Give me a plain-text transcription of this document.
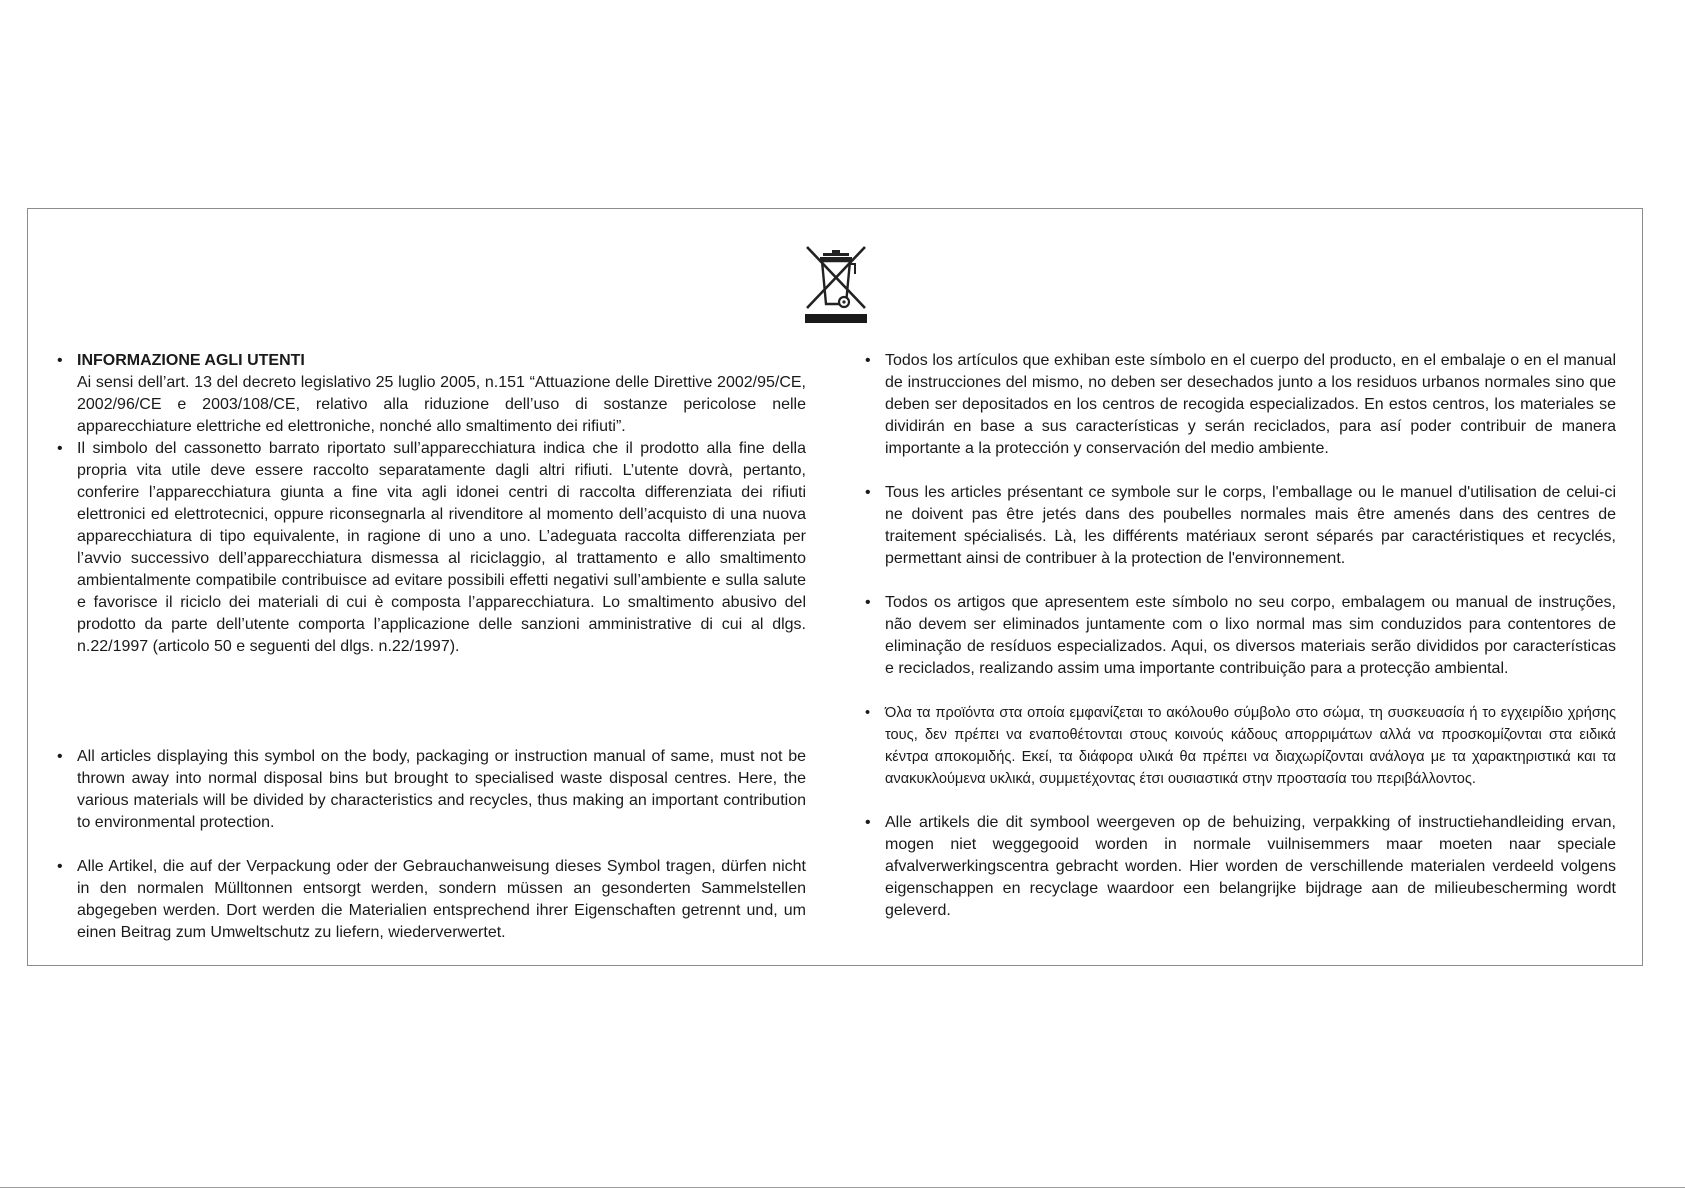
• INFORMAZIONE AGLI UTENTI

Ai sensi dell’art. 13 del decreto legislativo 25 luglio 2005, n.151 “Attuazione delle Direttive 2002/95/CE, 2002/96/CE e 2003/108/CE, relativo alla riduzione dell’uso di sostanze pericolose nelle apparecchiature elettriche ed elettroniche, nonché allo smaltimento dei rifiuti”.

• Il simbolo del cassonetto barrato riportato sull’apparecchiatura indica che il prodotto alla fine della propria vita utile deve essere raccolto separatamente dagli altri rifiuti. L’utente dovrà, pertanto, conferire l’apparecchiatura giunta a fine vita agli idonei centri di raccolta differenziata dei rifiuti elettronici ed elettrotecnici, oppure riconsegnarla al rivenditore al momento dell’acquisto di una nuova apparecchiatura di tipo equivalente, in ragione di uno a uno. L’adeguata raccolta differenziata per l’avvio successivo dell’apparecchiatura dismessa al riciclaggio, al trattamento e allo smaltimento ambientalmente compatibile contribuisce ad evitare possibili effetti negativi sull’ambiente e sulla salute e favorisce il riciclo dei materiali di cui è composta l’apparecchiatura. Lo smaltimento abusivo del prodotto da parte dell’utente comporta l’applicazione delle sanzioni amministrative di cui al dlgs. n.22/1997 (articolo 50 e seguenti del dlgs. n.22/1997).

• All articles displaying this symbol on the body, packaging or instruction manual of same, must not be thrown away into normal disposal bins but brought to specialised waste disposal centres. Here, the various materials will be divided by characteristics and recycles, thus making an important contribution to environmental protection.

• Alle Artikel, die auf der Verpackung oder der Gebrauchanweisung dieses Symbol tragen, dürfen nicht in den normalen Mülltonnen entsorgt werden, sondern müssen an gesonderten Sammelstellen abgegeben werden. Dort werden die Materialien entsprechend ihrer Eigenschaften getrennt und, um einen Beitrag zum Umweltschutz zu liefern, wiederverwertet.

• Todos los artículos que exhiban este símbolo en el cuerpo del producto, en el embalaje o en el manual de instrucciones del mismo, no deben ser desechados junto a los residuos urbanos normales sino que deben ser depositados en los centros de recogida especializados. En estos centros, los materiales se dividirán en base a sus características y serán reciclados, para así poder contribuir de manera importante a la protección y conservación del medio ambiente.

• Tous les articles présentant ce symbole sur le corps, l'emballage ou le manuel d'utilisation de celui-ci ne doivent pas être jetés dans des poubelles normales mais être amenés dans des centres de traitement spécialisés. Là, les différents matériaux seront séparés par caractéristiques et recyclés, permettant ainsi de contribuer à la protection de l'environnement.

• Todos os artigos que apresentem este símbolo no seu corpo, embalagem ou manual de instruções, não devem ser eliminados juntamente com o lixo normal mas sim conduzidos para contentores de eliminação de resíduos especializados. Aqui, os diversos materiais serão divididos por características e reciclados, realizando assim uma importante contribuição para a protecção ambiental.

•	Όλα τα προϊόντα στα οποία εμφανίζεται το ακόλουθο σύμβολο στο σώμα, τη συσκευασία ή το εγχειρίδιο χρήσης τους, δεν πρέπει να εναποθέτονται στους κοινούς κάδους απορριμάτων αλλά να προσκομίζονται στα ειδικά κέντρα αποκομιδής. Εκεί, τα διάφορα υλικά θα πρέπει να διαχωρίζονται ανάλογα με τα χαρακτηριστικά και τα ανακυκλούμενα υκλικά, συμμετέχοντας έτσι ουσιαστικά στην προστασία του περιβάλλοντος.

• Alle artikels die dit symbool weergeven op de behuizing, verpakking of instructiehandleiding ervan, mogen niet weggegooid worden in normale vuilnisemmers maar moeten naar speciale afvalverwerkingscentra gebracht worden. Hier worden de verschillende materialen verdeeld volgens eigenschappen en recyclage waardoor een belangrijke bijdrage aan de milieubescherming wordt geleverd.
